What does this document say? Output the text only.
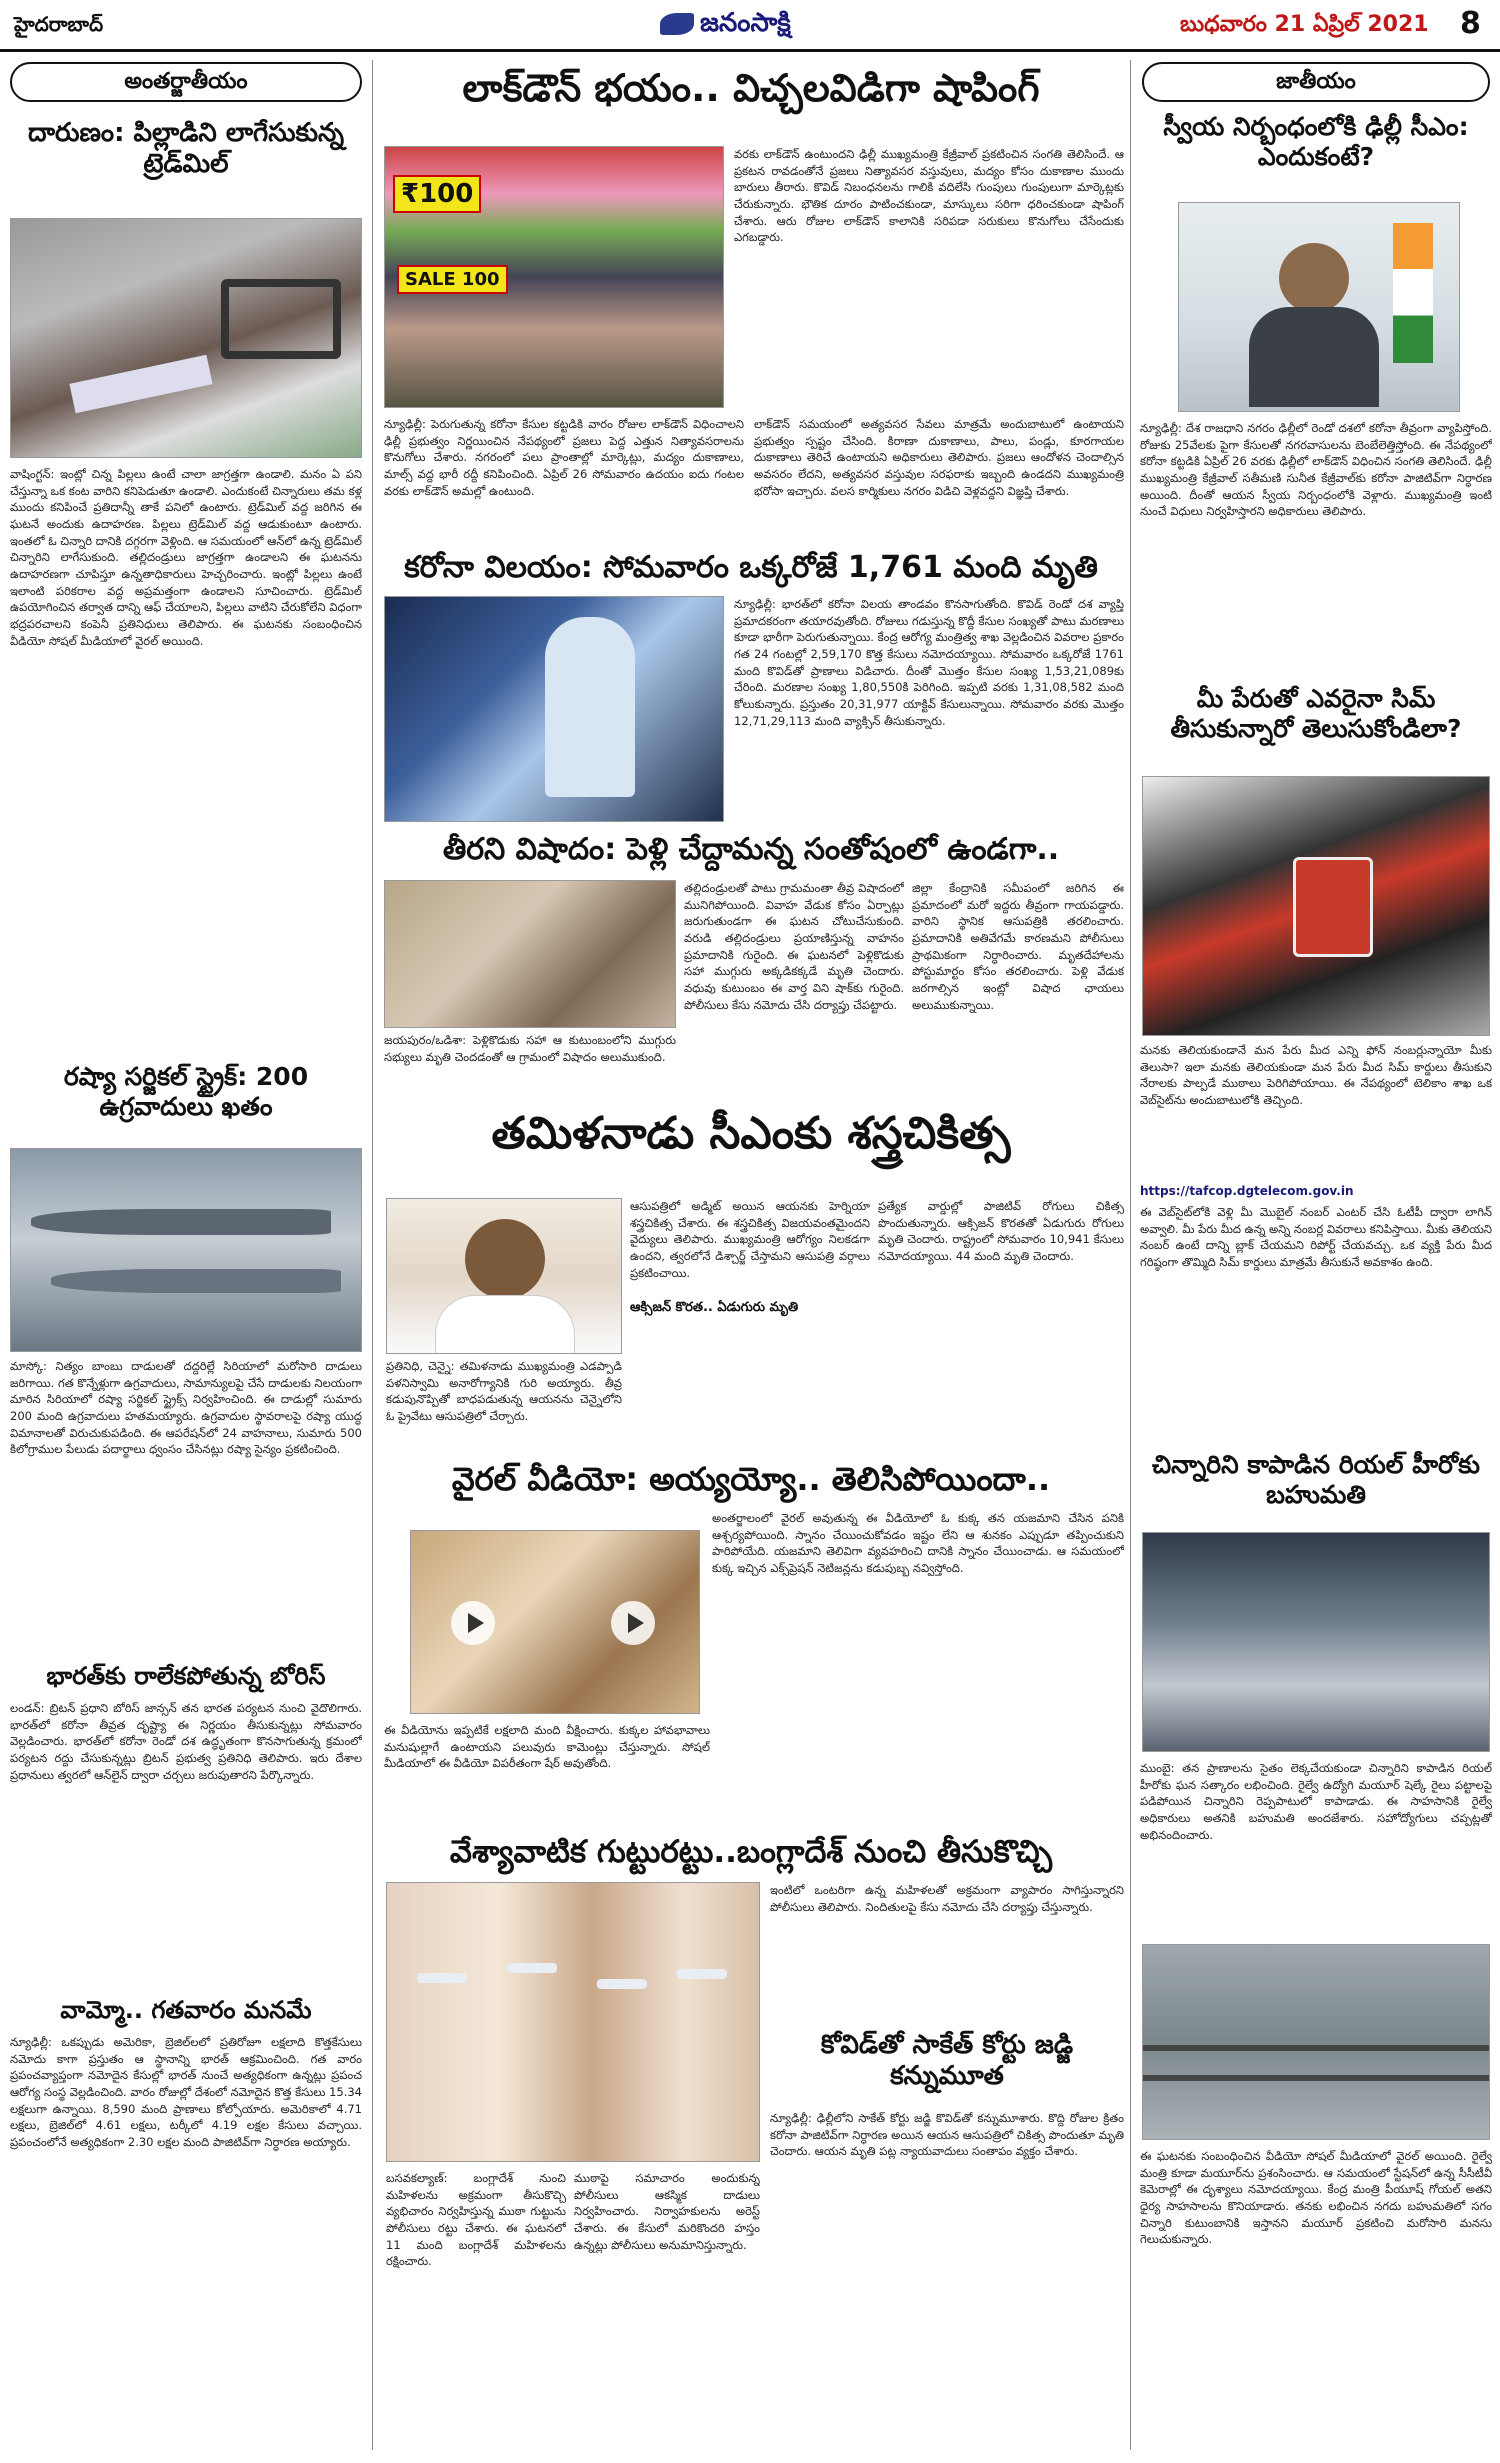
హైదరాబాద్	జనంసాక్షి	బుధవారం 21 ఏప్రిల్ 2021 8
అంతర్జాతీయం
దారుణం: పిల్లాడిని లాగేసుకున్న ట్రెడ్‌మిల్
వాషింగ్టన్: ఇంట్లో చిన్న పిల్లలు ఉంటే చాలా జాగ్రత్తగా ఉండాలి. మనం ఏ పని చేస్తున్నా ఒక కంట వారిని కనిపెడుతూ ఉండాలి. ఎందుకంటే చిన్నారులు తమ కళ్ల ముందు కనిపించే ప్రతిదాన్నీ తాకే పనిలో ఉంటారు. ట్రెడ్‌మిల్ వద్ద జరిగిన ఈ ఘటనే అందుకు ఉదాహరణ. పిల్లలు ట్రెడ్‌మిల్ వద్ద ఆడుకుంటూ ఉంటారు. ఇంతలో ఓ చిన్నారి దానికి దగ్గరగా వెళ్లింది. ఆ సమయంలో ఆన్‌లో ఉన్న ట్రెడ్‌మిల్ చిన్నారిని లాగేసుకుంది. తల్లిదండ్రులు జాగ్రత్తగా ఉండాలని ఈ ఘటనను ఉదాహరణగా చూపిస్తూ ఉన్నతాధికారులు హెచ్చరించారు. ఇంట్లో పిల్లలు ఉంటే ఇలాంటి పరికరాల వద్ద అప్రమత్తంగా ఉండాలని సూచించారు. ట్రెడ్‌మిల్ ఉపయోగించిన తర్వాత దాన్ని ఆఫ్ చేయాలని, పిల్లలు వాటిని చేరుకోలేని విధంగా భద్రపరచాలని కంపెనీ ప్రతినిధులు తెలిపారు. ఈ ఘటనకు సంబంధించిన వీడియో సోషల్ మీడియాలో వైరల్ అయింది.
రష్యా సర్జికల్ స్ట్రైక్: 200 ఉగ్రవాదులు ఖతం
మాస్కో: నిత్యం బాంబు దాడులతో దద్దరిల్లే సిరియాలో మరోసారి దాడులు జరిగాయి. గత కొన్నేళ్లుగా ఉగ్రవాదులు, సామాన్యులపై చేసే దాడులకు నిలయంగా మారిన సిరియాలో రష్యా సర్జికల్ స్ట్రైక్స్ నిర్వహించింది. ఈ దాడుల్లో సుమారు 200 మంది ఉగ్రవాదులు హతమయ్యారు. ఉగ్రవాదుల స్థావరాలపై రష్యా యుద్ధ విమానాలతో విరుచుకుపడింది. ఈ ఆపరేషన్‌లో 24 వాహనాలు, సుమారు 500 కిలోగ్రాముల పేలుడు పదార్థాలు ధ్వంసం చేసినట్లు రష్యా సైన్యం ప్రకటించింది.
భారత్‌కు రాలేకపోతున్న బోరిస్
లండన్: బ్రిటన్ ప్రధాని బోరిస్ జాన్సన్ తన భారత పర్యటన నుంచి వైదొలిగారు. భారత్‌లో కరోనా తీవ్రత దృష్ట్యా ఈ నిర్ణయం తీసుకున్నట్లు సోమవారం వెల్లడించారు. భారత్‌లో కరోనా రెండో దశ ఉద్ధృతంగా కొనసాగుతున్న క్రమంలో పర్యటన రద్దు చేసుకున్నట్లు బ్రిటన్ ప్రభుత్వ ప్రతినిధి తెలిపారు. ఇరు దేశాల ప్రధానులు త్వరలో ఆన్‌లైన్ ద్వారా చర్చలు జరుపుతారని పేర్కొన్నారు.
వామ్మో.. గతవారం మనమే
న్యూఢిల్లీ: ఒకప్పుడు అమెరికా, బ్రెజిల్‌లలో ప్రతిరోజూ లక్షలాది కొత్తకేసులు నమోదు కాగా ప్రస్తుతం ఆ స్థానాన్ని భారత్ ఆక్రమించింది. గత వారం ప్రపంచవ్యాప్తంగా నమోదైన కేసుల్లో భారత్ నుంచే అత్యధికంగా ఉన్నట్లు ప్రపంచ ఆరోగ్య సంస్థ వెల్లడించింది. వారం రోజుల్లో దేశంలో నమోదైన కొత్త కేసులు 15.34 లక్షలుగా ఉన్నాయి. 8,590 మంది ప్రాణాలు కోల్పోయారు. అమెరికాలో 4.71 లక్షలు, బ్రెజిల్‌లో 4.61 లక్షలు, టర్కీలో 4.19 లక్షల కేసులు వచ్చాయి. ప్రపంచంలోనే అత్యధికంగా 2.30 లక్షల మంది పాజిటివ్‌గా నిర్ధారణ అయ్యారు.
లాక్‌డౌన్ భయం.. విచ్చలవిడిగా షాపింగ్
₹100
SALE 100
వరకు లాక్‌డౌన్ ఉంటుందని ఢిల్లీ ముఖ్యమంత్రి కేజ్రీవాల్ ప్రకటించిన సంగతి తెలిసిందే. ఆ ప్రకటన రావడంతోనే ప్రజలు నిత్యావసర వస్తువులు, మద్యం కోసం దుకాణాల ముందు బారులు తీరారు. కొవిడ్ నిబంధనలను గాలికి వదిలేసి గుంపులు గుంపులుగా మార్కెట్లకు చేరుకున్నారు. భౌతిక దూరం పాటించకుండా, మాస్కులు సరిగా ధరించకుండా షాపింగ్ చేశారు. ఆరు రోజుల లాక్‌డౌన్ కాలానికి సరిపడా సరుకులు కొనుగోలు చేసేందుకు ఎగబడ్డారు.
న్యూఢిల్లీ: పెరుగుతున్న కరోనా కేసుల కట్టడికి వారం రోజుల లాక్‌డౌన్ విధించాలని ఢిల్లీ ప్రభుత్వం నిర్ణయించిన నేపథ్యంలో ప్రజలు పెద్ద ఎత్తున నిత్యావసరాలను కొనుగోలు చేశారు. నగరంలో పలు ప్రాంతాల్లో మార్కెట్లు, మద్యం దుకాణాలు, మాల్స్ వద్ద భారీ రద్దీ కనిపించింది. ఏప్రిల్ 26 సోమవారం ఉదయం ఐదు గంటల వరకు లాక్‌డౌన్ అమల్లో ఉంటుంది.
లాక్‌డౌన్ సమయంలో అత్యవసర సేవలు మాత్రమే అందుబాటులో ఉంటాయని ప్రభుత్వం స్పష్టం చేసింది. కిరాణా దుకాణాలు, పాలు, పండ్లు, కూరగాయల దుకాణాలు తెరిచే ఉంటాయని అధికారులు తెలిపారు. ప్రజలు ఆందోళన చెందాల్సిన అవసరం లేదని, అత్యవసర వస్తువుల సరఫరాకు ఇబ్బంది ఉండదని ముఖ్యమంత్రి భరోసా ఇచ్చారు. వలస కార్మికులు నగరం విడిచి వెళ్లవద్దని విజ్ఞప్తి చేశారు.
కరోనా విలయం: సోమవారం ఒక్కరోజే 1,761 మంది మృతి
న్యూఢిల్లీ: భారత్‌లో కరోనా విలయ తాండవం కొనసాగుతోంది. కొవిడ్ రెండో దశ వ్యాప్తి ప్రమాదకరంగా తయారవుతోంది. రోజులు గడుస్తున్న కొద్దీ కేసుల సంఖ్యతో పాటు మరణాలు కూడా భారీగా పెరుగుతున్నాయి. కేంద్ర ఆరోగ్య మంత్రిత్వ శాఖ వెల్లడించిన వివరాల ప్రకారం గత 24 గంటల్లో 2,59,170 కొత్త కేసులు నమోదయ్యాయి. సోమవారం ఒక్కరోజే 1761 మంది కొవిడ్‌తో ప్రాణాలు విడిచారు. దీంతో మొత్తం కేసుల సంఖ్య 1,53,21,089కు చేరింది. మరణాల సంఖ్య 1,80,550కి పెరిగింది. ఇప్పటి వరకు 1,31,08,582 మంది కోలుకున్నారు. ప్రస్తుతం 20,31,977 యాక్టివ్ కేసులున్నాయి. సోమవారం వరకు మొత్తం 12,71,29,113 మంది వ్యాక్సిన్ తీసుకున్నారు.
తీరని విషాదం: పెళ్లి చేద్దామన్న సంతోషంలో ఉండగా..
జయపురం/ఒడిశా: పెళ్లికొడుకు సహా ఆ కుటుంబంలోని ముగ్గురు సభ్యులు మృతి చెందడంతో ఆ గ్రామంలో విషాదం అలుముకుంది.
తల్లిదండ్రులతో పాటు గ్రామమంతా తీవ్ర విషాదంలో మునిగిపోయింది. వివాహ వేడుక కోసం ఏర్పాట్లు జరుగుతుండగా ఈ ఘటన చోటుచేసుకుంది. వరుడి తల్లిదండ్రులు ప్రయాణిస్తున్న వాహనం ప్రమాదానికి గురైంది. ఈ ఘటనలో పెళ్లికొడుకు సహా ముగ్గురు అక్కడికక్కడే మృతి చెందారు. వధువు కుటుంబం ఈ వార్త విని షాక్‌కు గురైంది. పోలీసులు కేసు నమోదు చేసి దర్యాప్తు చేపట్టారు.
జిల్లా కేంద్రానికి సమీపంలో జరిగిన ఈ ప్రమాదంలో మరో ఇద్దరు తీవ్రంగా గాయపడ్డారు. వారిని స్థానిక ఆసుపత్రికి తరలించారు. ప్రమాదానికి అతివేగమే కారణమని పోలీసులు ప్రాథమికంగా నిర్ధారించారు. మృతదేహాలను పోస్టుమార్టం కోసం తరలించారు. పెళ్లి వేడుక జరగాల్సిన ఇంట్లో విషాద ఛాయలు అలుముకున్నాయి.
తమిళనాడు సీఎంకు శస్త్రచికిత్స
ప్రతినిధి, చెన్నై: తమిళనాడు ముఖ్యమంత్రి ఎడప్పాడి పళనిస్వామి అనారోగ్యానికి గురి అయ్యారు. తీవ్ర కడుపునొప్పితో బాధపడుతున్న ఆయనను చెన్నైలోని ఓ ప్రైవేటు ఆసుపత్రిలో చేర్చారు.
ఆసుపత్రిలో అడ్మిట్ అయిన ఆయనకు హెర్నియా శస్త్రచికిత్స చేశారు. ఈ శస్త్రచికిత్స విజయవంతమైందని వైద్యులు తెలిపారు. ముఖ్యమంత్రి ఆరోగ్యం నిలకడగా ఉందని, త్వరలోనే డిశ్చార్జ్ చేస్తామని ఆసుపత్రి వర్గాలు ప్రకటించాయి.
ఆక్సిజన్ కొరత.. ఏడుగురు మృతి
ప్రత్యేక వార్డుల్లో పాజిటివ్ రోగులు చికిత్స పొందుతున్నారు. ఆక్సిజన్ కొరతతో ఏడుగురు రోగులు మృతి చెందారు. రాష్ట్రంలో సోమవారం 10,941 కేసులు నమోదయ్యాయి. 44 మంది మృతి చెందారు.
వైరల్ వీడియో: అయ్యయ్యో.. తెలిసిపోయిందా..
అంతర్జాలంలో వైరల్ అవుతున్న ఈ వీడియోలో ఓ కుక్క తన యజమాని చేసిన పనికి ఆశ్చర్యపోయింది. స్నానం చేయించుకోవడం ఇష్టం లేని ఆ శునకం ఎప్పుడూ తప్పించుకుని పారిపోయేది. యజమాని తెలివిగా వ్యవహరించి దానికి స్నానం చేయించాడు. ఆ సమయంలో కుక్క ఇచ్చిన ఎక్స్‌ప్రెషన్ నెటిజన్లను కడుపుబ్బ నవ్విస్తోంది.
ఈ వీడియోను ఇప్పటికే లక్షలాది మంది వీక్షించారు. కుక్కల హావభావాలు మనుషుల్లాగే ఉంటాయని పలువురు కామెంట్లు చేస్తున్నారు. సోషల్ మీడియాలో ఈ వీడియో విపరీతంగా షేర్ అవుతోంది.
వేశ్యావాటిక గుట్టురట్టు..బంగ్లాదేశ్ నుంచి తీసుకొచ్చి
ఇంటిలో ఒంటరిగా ఉన్న మహిళలతో అక్రమంగా వ్యాపారం సాగిస్తున్నారని పోలీసులు తెలిపారు. నిందితులపై కేసు నమోదు చేసి దర్యాప్తు చేస్తున్నారు.
కోవిడ్‌తో సాకేత్ కోర్టు జడ్జి కన్నుమూత
బసవకల్యాణ్: బంగ్లాదేశ్ నుంచి మహిళలను అక్రమంగా తీసుకొచ్చి వ్యభిచారం నిర్వహిస్తున్న ముఠా గుట్టును పోలీసులు రట్టు చేశారు. ఈ ఘటనలో 11 మంది బంగ్లాదేశ్ మహిళలను రక్షించారు.
ముఠాపై సమాచారం అందుకున్న పోలీసులు ఆకస్మిక దాడులు నిర్వహించారు. నిర్వాహకులను అరెస్ట్ చేశారు. ఈ కేసులో మరికొందరి హస్తం ఉన్నట్లు పోలీసులు అనుమానిస్తున్నారు.
న్యూఢిల్లీ: ఢిల్లీలోని సాకేత్ కోర్టు జడ్జి కొవిడ్‌తో కన్నుమూశారు. కొద్ది రోజుల క్రితం కరోనా పాజిటివ్‌గా నిర్ధారణ అయిన ఆయన ఆసుపత్రిలో చికిత్స పొందుతూ మృతి చెందారు. ఆయన మృతి పట్ల న్యాయవాదులు సంతాపం వ్యక్తం చేశారు.
జాతీయం
స్వీయ నిర్బంధంలోకి ఢిల్లీ సీఎం: ఎందుకంటే?
న్యూఢిల్లీ: దేశ రాజధాని నగరం ఢిల్లీలో రెండో దశలో కరోనా తీవ్రంగా వ్యాపిస్తోంది. రోజుకు 25వేలకు పైగా కేసులతో నగరవాసులను బెంబేలెత్తిస్తోంది. ఈ నేపథ్యంలో కరోనా కట్టడికి ఏప్రిల్ 26 వరకు ఢిల్లీలో లాక్‌డౌన్ విధించిన సంగతి తెలిసిందే. ఢిల్లీ ముఖ్యమంత్రి కేజ్రీవాల్ సతీమణి సునీత కేజ్రీవాల్‌కు కరోనా పాజిటివ్‌గా నిర్ధారణ అయింది. దీంతో ఆయన స్వీయ నిర్బంధంలోకి వెళ్లారు. ముఖ్యమంత్రి ఇంటి నుంచే విధులు నిర్వహిస్తారని అధికారులు తెలిపారు.
మీ పేరుతో ఎవరైనా సిమ్ తీసుకున్నారో తెలుసుకోండిలా?
మనకు తెలియకుండానే మన పేరు మీద ఎన్ని ఫోన్ నంబర్లున్నాయో మీకు తెలుసా? ఇలా మనకు తెలియకుండా మన పేరు మీద సిమ్ కార్డులు తీసుకుని నేరాలకు పాల్పడే ముఠాలు పెరిగిపోయాయి. ఈ నేపథ్యంలో టెలికాం శాఖ ఒక వెబ్‌సైట్‌ను అందుబాటులోకి తెచ్చింది.
https://tafcop.dgtelecom.gov.in
ఈ వెబ్‌సైట్‌లోకి వెళ్లి మీ మొబైల్ నంబర్ ఎంటర్ చేసి ఓటీపీ ద్వారా లాగిన్ అవ్వాలి. మీ పేరు మీద ఉన్న అన్ని నంబర్ల వివరాలు కనిపిస్తాయి. మీకు తెలియని నంబర్ ఉంటే దాన్ని బ్లాక్ చేయమని రిపోర్ట్ చేయవచ్చు. ఒక వ్యక్తి పేరు మీద గరిష్ఠంగా తొమ్మిది సిమ్ కార్డులు మాత్రమే తీసుకునే అవకాశం ఉంది.
చిన్నారిని కాపాడిన రియల్ హీరోకు బహుమతి
ముంబై: తన ప్రాణాలను సైతం లెక్కచేయకుండా చిన్నారిని కాపాడిన రియల్ హీరోకు ఘన సత్కారం లభించింది. రైల్వే ఉద్యోగి మయూర్ షెల్కే రైలు పట్టాలపై పడిపోయిన చిన్నారిని రెప్పపాటులో కాపాడాడు. ఈ సాహసానికి రైల్వే అధికారులు అతనికి బహుమతి అందజేశారు. సహోద్యోగులు చప్పట్లతో అభినందించారు.
ఈ ఘటనకు సంబంధించిన వీడియో సోషల్ మీడియాలో వైరల్ అయింది. రైల్వే మంత్రి కూడా మయూర్‌ను ప్రశంసించారు. ఆ సమయంలో స్టేషన్‌లో ఉన్న సీసీటీవీ కెమెరాల్లో ఈ దృశ్యాలు నమోదయ్యాయి. కేంద్ర మంత్రి పీయూష్ గోయల్ అతని ధైర్య సాహసాలను కొనియాడారు. తనకు లభించిన నగదు బహుమతిలో సగం చిన్నారి కుటుంబానికి ఇస్తానని మయూర్ ప్రకటించి మరోసారి మనసు గెలుచుకున్నారు.
